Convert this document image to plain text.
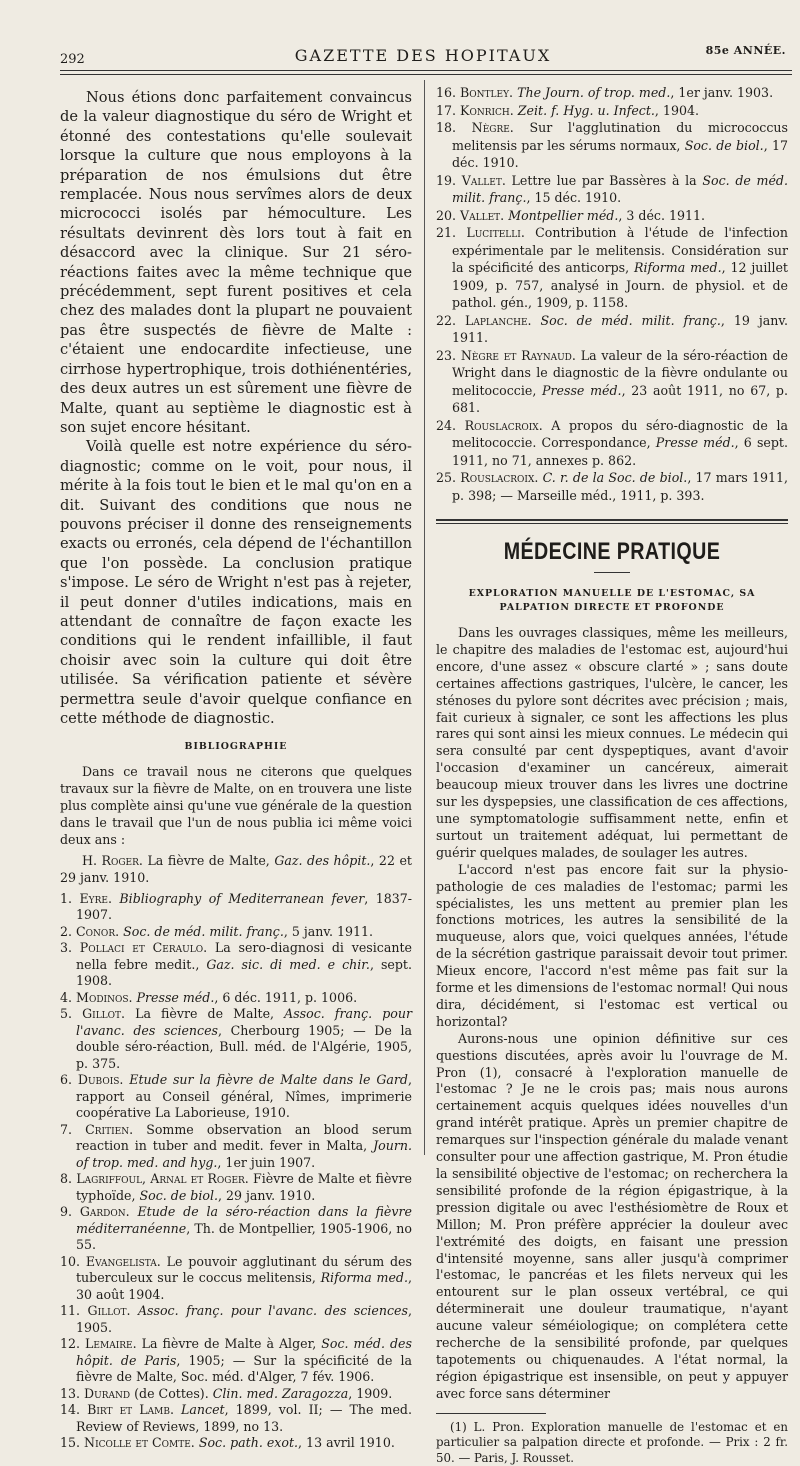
292	GAZETTE DES HOPITAUX	85e ANNÉE.

Nous étions donc parfaitement convaincus de la valeur diagnostique du séro de Wright et étonné des contestations qu'elle soulevait lorsque la culture que nous employons à la préparation de nos émulsions dut être remplacée. Nous nous servîmes alors de deux micrococci isolés par hémoculture. Les résultats devinrent dès lors tout à fait en désaccord avec la clinique. Sur 21 séro-réactions faites avec la même technique que précédemment, sept furent positives et cela chez des malades dont la plupart ne pouvaient pas être suspectés de fièvre de Malte : c'étaient une endocardite infectieuse, une cirrhose hypertrophique, trois dothiénentéries, des deux autres un est sûrement une fièvre de Malte, quant au septième le diagnostic est à son sujet encore hésitant.

Voilà quelle est notre expérience du séro-diagnostic; comme on le voit, pour nous, il mérite à la fois tout le bien et le mal qu'on en a dit. Suivant des conditions que nous ne pouvons préciser il donne des renseignements exacts ou erronés, cela dépend de l'échantillon que l'on possède. La conclusion pratique s'impose. Le séro de Wright n'est pas à rejeter, il peut donner d'utiles indications, mais en attendant de connaître de façon exacte les conditions qui le rendent infaillible, il faut choisir avec soin la culture qui doit être utilisée. Sa vérification patiente et sévère permettra seule d'avoir quelque confiance en cette méthode de diagnostic.

BIBLIOGRAPHIE

Dans ce travail nous ne citerons que quelques travaux sur la fièvre de Malte, on en trouvera une liste plus complète ainsi qu'une vue générale de la question dans le travail que l'un de nous publia ici même voici deux ans :

H. Roger. La fièvre de Malte, Gaz. des hôpit., 22 et 29 janv. 1910.

1. Eyre. Bibliography of Mediterranean fever, 1837-1907.
2. Conor. Soc. de méd. milit. franç., 5 janv. 1911.
3. Pollaci et Ceraulo. La sero-diagnosi di vesicante nella febre medit., Gaz. sic. di med. e chir., sept. 1908.
4. Modinos. Presse méd., 6 déc. 1911, p. 1006.
5. Gillot. La fièvre de Malte, Assoc. franç. pour l'avanc. des sciences, Cherbourg 1905; — De la double séro-réaction, Bull. méd. de l'Algérie, 1905, p. 375.
6. Dubois. Etude sur la fièvre de Malte dans le Gard, rapport au Conseil général, Nîmes, imprimerie coopérative La Laborieuse, 1910.
7. Critien. Somme observation an blood serum reaction in tuber and medit. fever in Malta, Journ. of trop. med. and hyg., 1er juin 1907.
8. Lagriffoul, Arnal et Roger. Fièvre de Malte et fièvre typhoïde, Soc. de biol., 29 janv. 1910.
9. Gardon. Etude de la séro-réaction dans la fièvre méditerranéenne, Th. de Montpellier, 1905-1906, no 55.
10. Evangelista. Le pouvoir agglutinant du sérum des tuberculeux sur le coccus melitensis, Riforma med., 30 août 1904.
11. Gillot. Assoc. franç. pour l'avanc. des sciences, 1905.
12. Lemaire. La fièvre de Malte à Alger, Soc. méd. des hôpit. de Paris, 1905; — Sur la spécificité de la fièvre de Malte, Soc. méd. d'Alger, 7 fév. 1906.
13. Durand (de Cottes). Clin. med. Zaragozza, 1909.
14. Birt et Lamb. Lancet, 1899, vol. II; — The med. Review of Reviews, 1899, no 13.
15. Nicolle et Comte. Soc. path. exot., 13 avril 1910.
16. Bontley. The Journ. of trop. med., 1er janv. 1903.
17. Konrich. Zeit. f. Hyg. u. Infect., 1904.
18. Nègre. Sur l'agglutination du micrococcus melitensis par les sérums normaux, Soc. de biol., 17 déc. 1910.
19. Vallet. Lettre lue par Bassères à la Soc. de méd. milit. franç., 15 déc. 1910.
20. Vallet. Montpellier méd., 3 déc. 1911.
21. Lucitelli. Contribution à l'étude de l'infection expérimentale par le melitensis. Considération sur la spécificité des anticorps, Riforma med., 12 juillet 1909, p. 757, analysé in Journ. de physiol. et de pathol. gén., 1909, p. 1158.
22. Laplanche. Soc. de méd. milit. franç., 19 janv. 1911.
23. Nègre et Raynaud. La valeur de la séro-réaction de Wright dans le diagnostic de la fièvre ondulante ou melitococcie, Presse méd., 23 août 1911, no 67, p. 681.
24. Rouslacroix. A propos du séro-diagnostic de la melitococcie. Correspondance, Presse méd., 6 sept. 1911, no 71, annexes p. 862.
25. Rouslacroix. C. r. de la Soc. de biol., 17 mars 1911, p. 398; — Marseille méd., 1911, p. 393.
MÉDECINE PRATIQUE
EXPLORATION MANUELLE DE L'ESTOMAC, SA PALPATION DIRECTE ET PROFONDE

Dans les ouvrages classiques, même les meilleurs, le chapitre des maladies de l'estomac est, aujourd'hui encore, d'une assez « obscure clarté » ; sans doute certaines affections gastriques, l'ulcère, le cancer, les sténoses du pylore sont décrites avec précision ; mais, fait curieux à signaler, ce sont les affections les plus rares qui sont ainsi les mieux connues. Le médecin qui sera consulté par cent dyspeptiques, avant d'avoir l'occasion d'examiner un cancéreux, aimerait beaucoup mieux trouver dans les livres une doctrine sur les dyspepsies, une classification de ces affections, une symptomatologie suffisamment nette, enfin et surtout un traitement adéquat, lui permettant de guérir quelques malades, de soulager les autres.

L'accord n'est pas encore fait sur la physio-pathologie de ces maladies de l'estomac; parmi les spécialistes, les uns mettent au premier plan les fonctions motrices, les autres la sensibilité de la muqueuse, alors que, voici quelques années, l'étude de la sécrétion gastrique paraissait devoir tout primer. Mieux encore, l'accord n'est même pas fait sur la forme et les dimensions de l'estomac normal! Qui nous dira, décidément, si l'estomac est vertical ou horizontal?

Aurons-nous une opinion définitive sur ces questions discutées, après avoir lu l'ouvrage de M. Pron (1), consacré à l'exploration manuelle de l'estomac ? Je ne le crois pas; mais nous aurons certainement acquis quelques idées nouvelles d'un grand intérêt pratique. Après un premier chapitre de remarques sur l'inspection générale du malade venant consulter pour une affection gastrique, M. Pron étudie la sensibilité objective de l'estomac; on recherchera la sensibilité profonde de la région épigastrique, à la pression digitale ou avec l'esthésiomètre de Roux et Millon; M. Pron préfère apprécier la douleur avec l'extrémité des doigts, en faisant une pression d'intensité moyenne, sans aller jusqu'à comprimer l'estomac, le pancréas et les filets nerveux qui les entourent sur le plan osseux vertébral, ce qui déterminerait une douleur traumatique, n'ayant aucune valeur séméiologique; on complétera cette recherche de la sensibilité profonde, par quelques tapotements ou chiquenaudes. A l'état normal, la région épigastrique est insensible, on peut y appuyer avec force sans déterminer

(1) L. Pron. Exploration manuelle de l'estomac et en particulier sa palpation directe et profonde. — Prix : 2 fr. 50. — Paris, J. Rousset.
